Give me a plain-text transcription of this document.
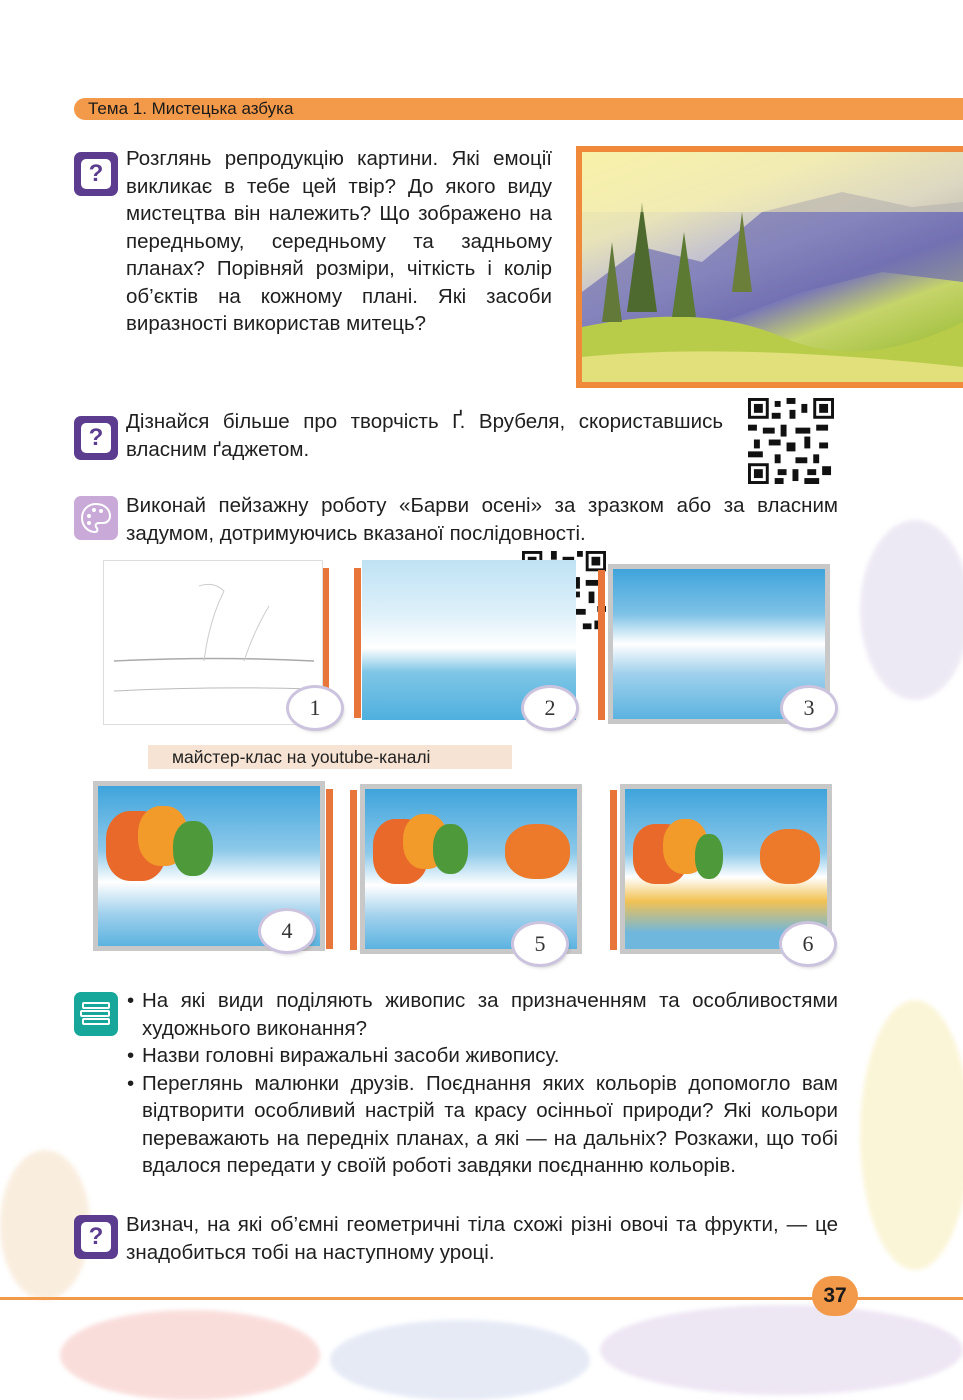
Тема 1. Мистецька азбука
?
Розглянь репродукцію картини. Які емоції викликає в тебе цей твір? До якого виду мистецтва він належить? Що зображено на передньому, середньому та задньому планах? Порівняй розміри, чіткість і колір об’єктів на кожному плані. Які засоби виразності використав митець?
?
Дізнайся більше про творчість Ґ. Врубеля, скориставшись власним ґаджетом.
Виконай пейзажну роботу «Барви осені» за зразком або за власним задумом, дотримуючись вказаної послідовності.
1	2	3
майстер-клас на youtube-каналі
4
5	6
• На які види поділяють живопис за призначенням та особливостями художнього виконання?
• Назви головні виражальні засоби живопису.
• Переглянь малюнки друзів. Поєднання яких кольорів допомогло вам відтворити особливий настрій та красу осінньої природи? Які кольори переважають на передніх планах, а які — на дальніх? Розкажи, що тобі вдалося передати у своїй роботі завдяки поєднанню кольорів.
?	Визнач, на які об’ємні геометричні тіла схожі різні овочі та фрукти, — це знадобиться тобі на наступному уроці.
37
